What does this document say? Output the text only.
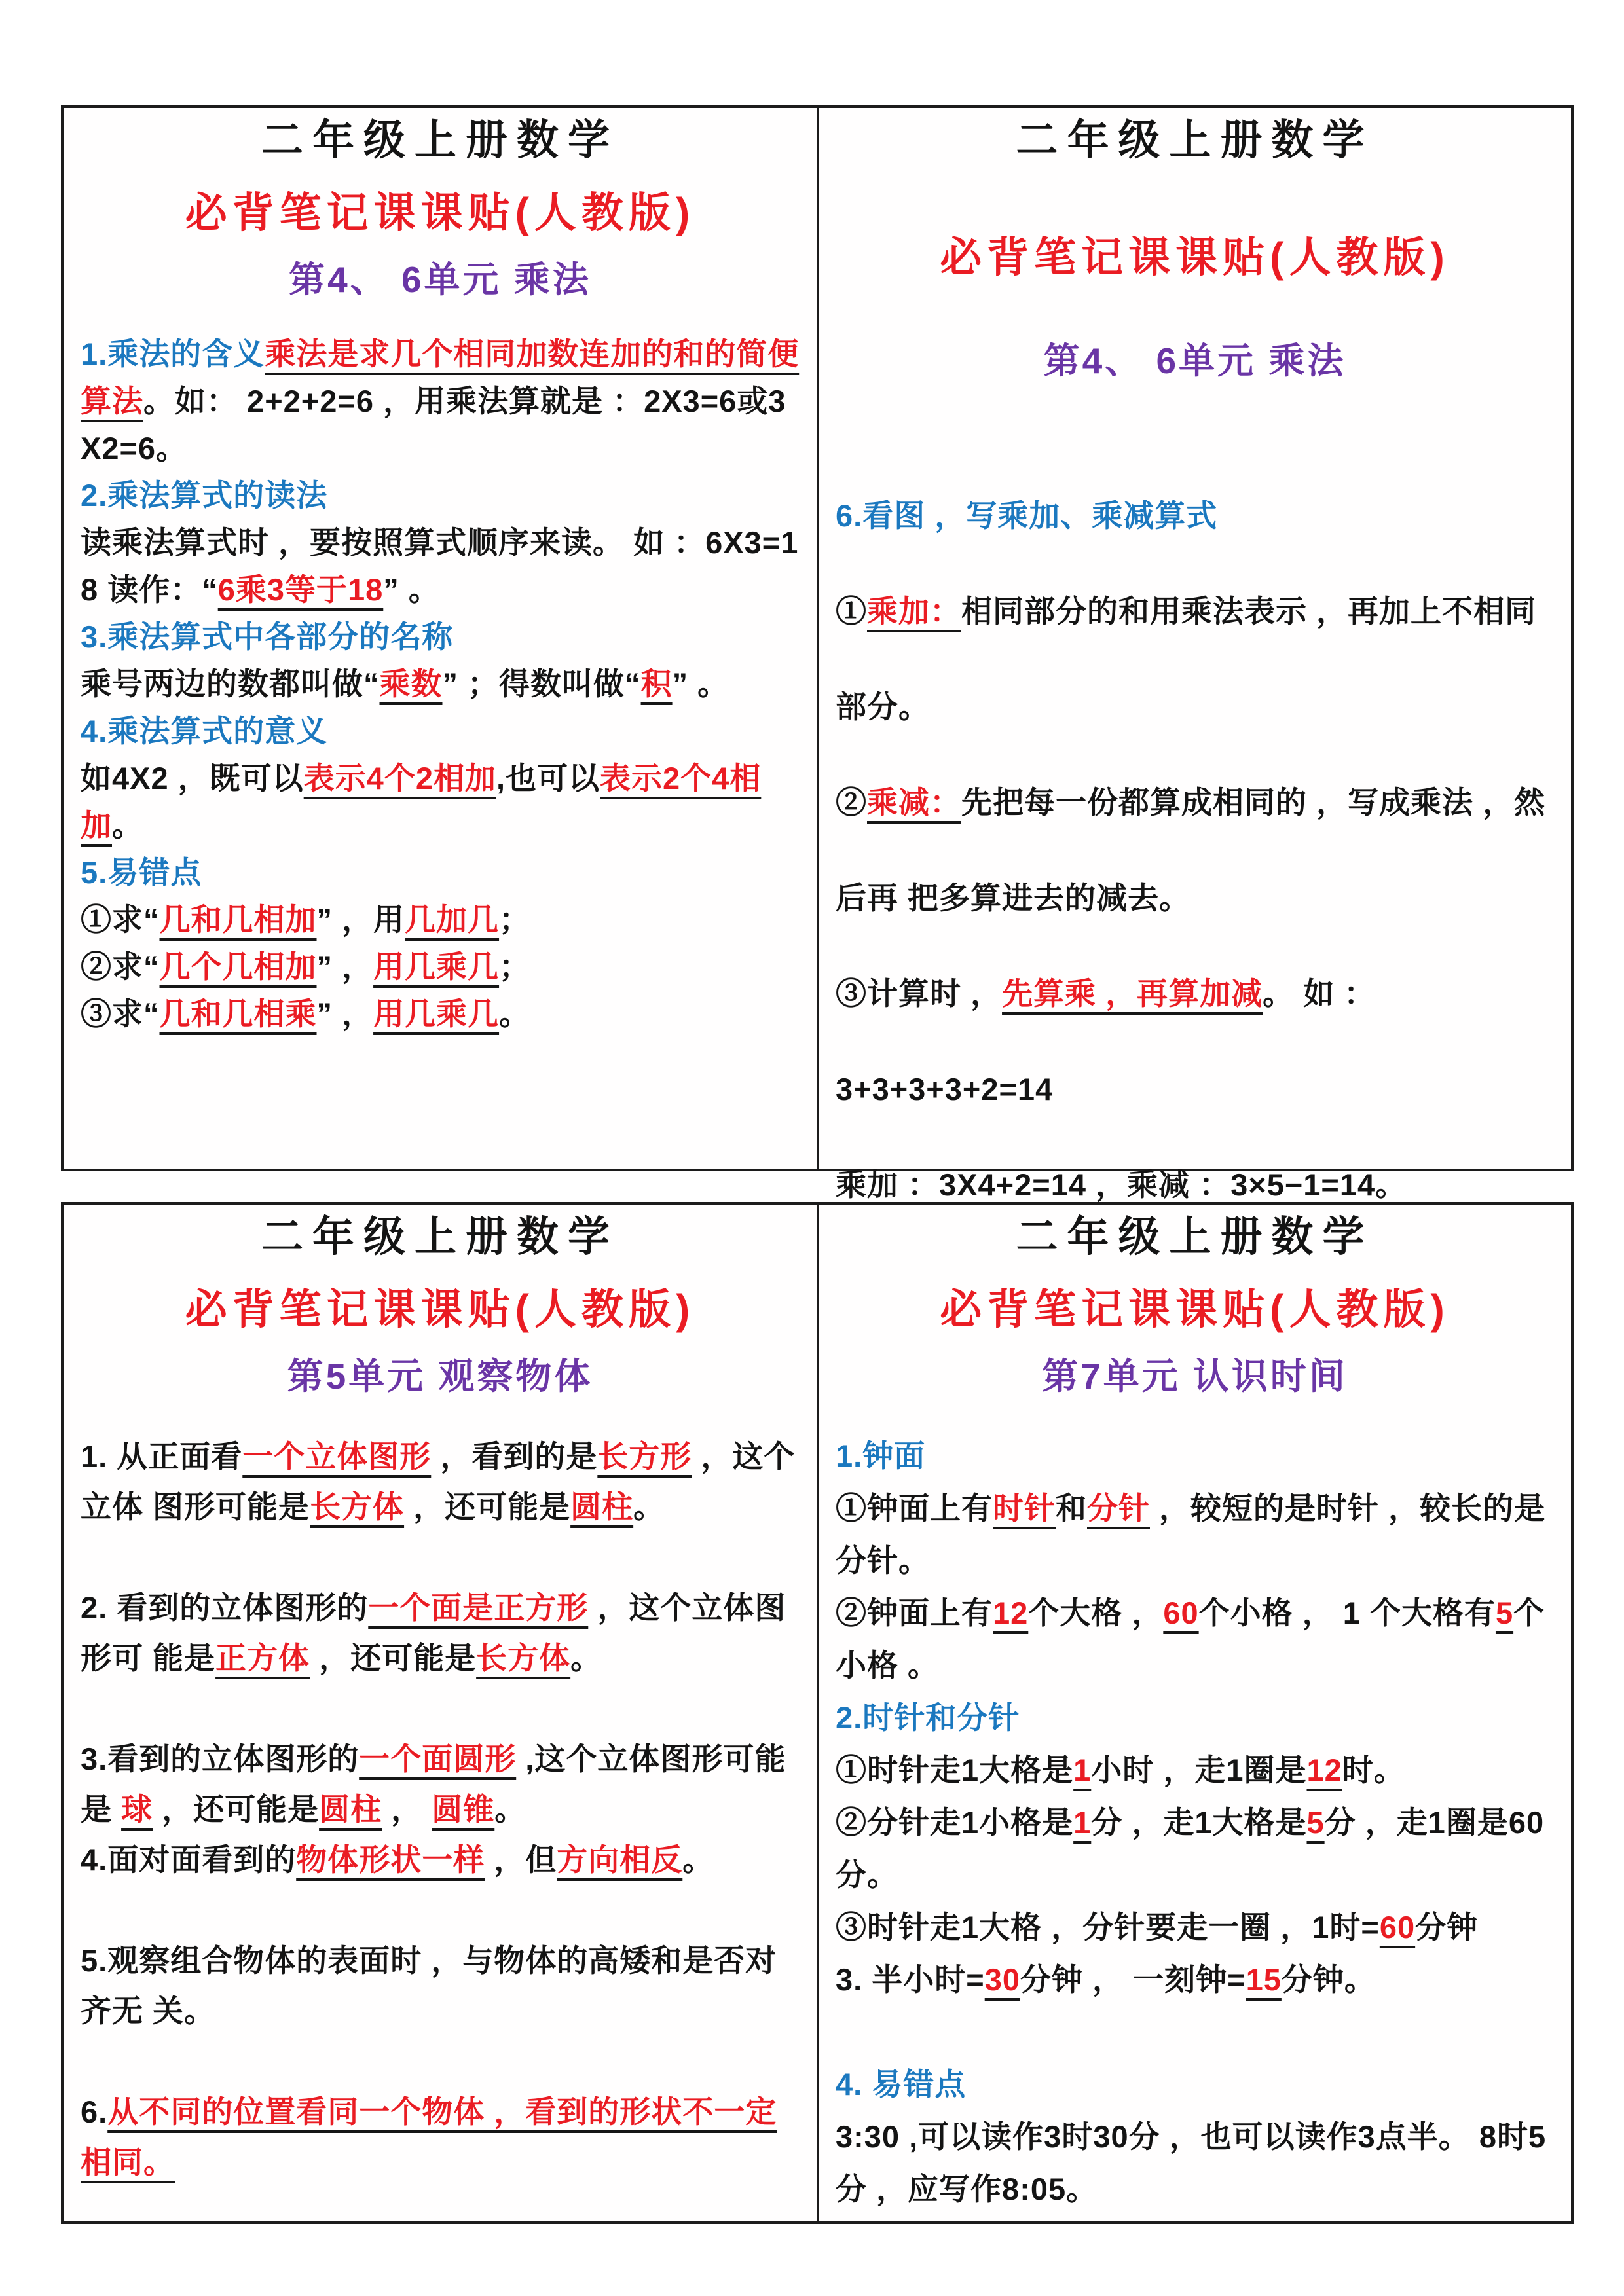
二年级上册数学
必背笔记课课贴(人教版)
第4、 6单元 乘法

1.乘法的含义乘法是求几个相同加数连加的和的简便算法。如： 2+2+2=6 ，用乘法算就是 ：2X3=6或3X2=6。

2.乘法算式的读法

读乘法算式时 ，要按照算式顺序来读。 如 ：6X3=18 读作：“6乘3等于18” 。

3.乘法算式中各部分的名称

乘号两边的数都叫做“乘数” ；得数叫做“积” 。

4.乘法算式的意义

如4X2 ，既可以表示4个2相加,也可以表示2个4相加。

5.易错点

①求“几和几相加” ，用几加几；

②求“几个几相加” ，用几乘几；

③求“几和几相乘” ，用几乘几。

二年级上册数学
必背笔记课课贴(人教版)
第4、 6单元 乘法

6.看图 ，写乘加、乘减算式

①乘加：相同部分的和用乘法表示 ，再加上不相同部分。

②乘减：先把每一份都算成相同的 ，写成乘法 ，然后再 把多算进去的减去。

③计算时 ，先算乘 ，再算加减。 如 ：

3+3+3+3+2=14

乘加 ：3X4+2=14 ，乘减 ：3×5−1=14。

二年级上册数学
必背笔记课课贴(人教版)
第5单元 观察物体

1. 从正面看一个立体图形 ，看到的是长方形 ，这个立体 图形可能是长方体 ，还可能是圆柱。

2. 看到的立体图形的一个面是正方形 ，这个立体图形可 能是正方体 ，还可能是长方体。

3.看到的立体图形的一个面圆形 ,这个立体图形可能是 球 ，还可能是圆柱 ， 圆锥。

4.面对面看到的物体形状一样 ，但方向相反。

5.观察组合物体的表面时 ，与物体的高矮和是否对齐无 关。

6.从不同的位置看同一个物体 ，看到的形状不一定相同。

二年级上册数学
必背笔记课课贴(人教版)
第7单元 认识时间

1.钟面

①钟面上有时针和分针 ，较短的是时针 ，较长的是分针。

②钟面上有12个大格 ，60个小格 ， 1 个大格有5个小格 。

2.时针和分针

①时针走1大格是1小时 ，走1圈是12时。

②分针走1小格是1分 ，走1大格是5分 ，走1圈是60分。

③时针走1大格 ，分针要走一圈 ，1时=60分钟

3. 半小时=30分钟 ， 一刻钟=15分钟。

4. 易错点

3:30 ,可以读作3时30分 ，也可以读作3点半。 8时5分 ，应写作8:05。
